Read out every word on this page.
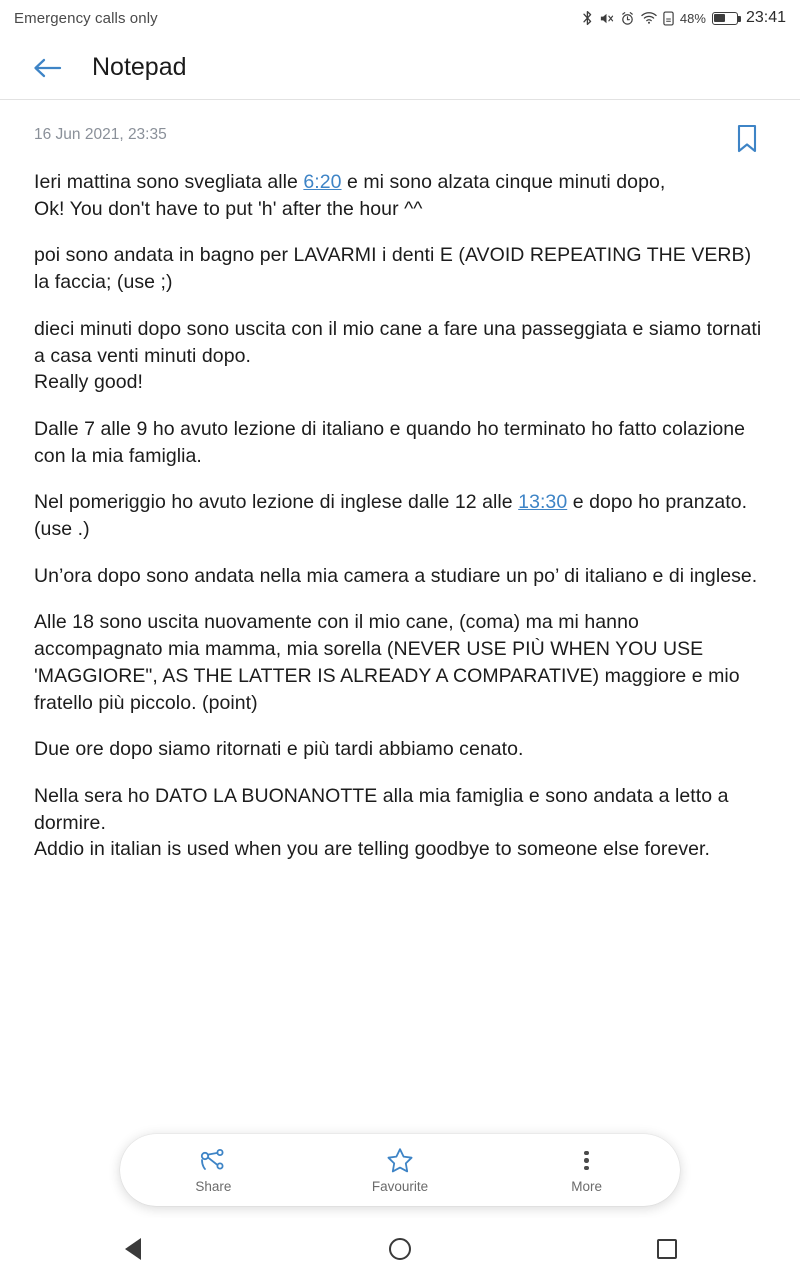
Emergency calls only	48%	23:41
Notepad
16 Jun 2021, 23:35

Ieri mattina sono svegliata alle 6:20 e mi sono alzata cinque minuti dopo,
Ok! You don't have to put 'h' after the hour ^^

poi sono andata in bagno per LAVARMI i denti E (AVOID REPEATING THE VERB) la faccia; (use ;)

dieci minuti dopo sono uscita con il mio cane a fare una passeggiata e siamo tornati a casa venti minuti dopo.
Really good!

Dalle 7 alle 9 ho avuto lezione di italiano e quando ho terminato ho fatto colazione con la mia famiglia.

Nel pomeriggio ho avuto lezione di inglese dalle 12 alle 13:30 e dopo ho pranzato. (use .)

Un’ora dopo sono andata nella mia camera a studiare un po’ di italiano e di inglese.

Alle 18 sono uscita nuovamente con il mio cane, (coma) ma mi hanno accompagnato mia mamma, mia sorella (NEVER USE PIÙ WHEN YOU USE 'MAGGIORE", AS THE LATTER IS ALREADY A COMPARATIVE) maggiore e mio fratello più piccolo. (point)

Due ore dopo siamo ritornati e più tardi abbiamo cenato.

Nella sera ho DATO LA BUONANOTTE alla mia famiglia e sono andata a letto a dormire.
Addio in italian is used when you are telling goodbye to someone else forever.

Share	Favourite	More
